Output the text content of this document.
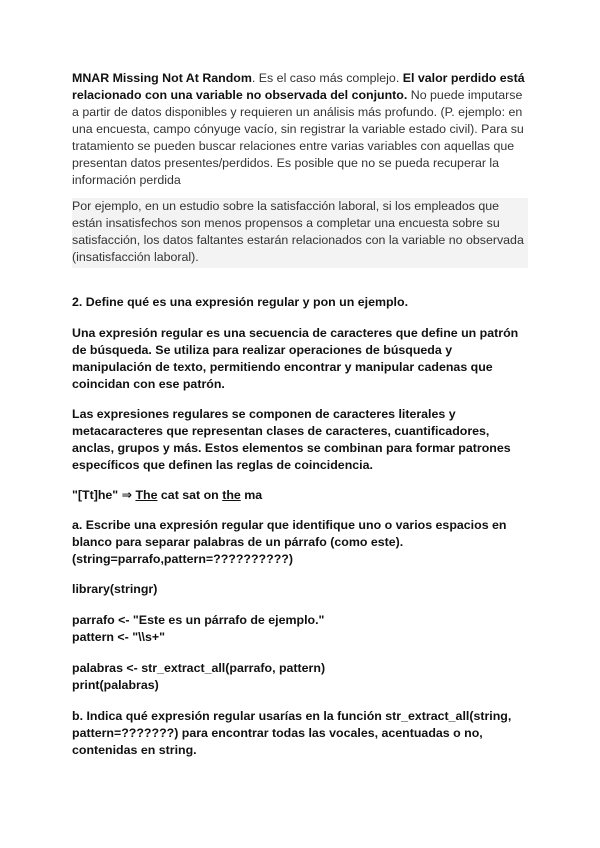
MNAR Missing Not At Random. Es el caso más complejo. El valor perdido está relacionado con una variable no observada del conjunto. No puede imputarse a partir de datos disponibles y requieren un análisis más profundo. (P. ejemplo: en una encuesta, campo cónyuge vacío, sin registrar la variable estado civil). Para su tratamiento se pueden buscar relaciones entre varias variables con aquellas que presentan datos presentes/perdidos. Es posible que no se pueda recuperar la información perdida

Por ejemplo, en un estudio sobre la satisfacción laboral, si los empleados que están insatisfechos son menos propensos a completar una encuesta sobre su satisfacción, los datos faltantes estarán relacionados con la variable no observada (insatisfacción laboral).

2. Define qué es una expresión regular y pon un ejemplo.
Una expresión regular es una secuencia de caracteres que define un patrón de búsqueda. Se utiliza para realizar operaciones de búsqueda y manipulación de texto, permitiendo encontrar y manipular cadenas que coincidan con ese patrón.
Las expresiones regulares se componen de caracteres literales y metacaracteres que representan clases de caracteres, cuantificadores, anclas, grupos y más. Estos elementos se combinan para formar patrones específicos que definen las reglas de coincidencia.
"[Tt]he" ⇒ The cat sat on the ma
a. Escribe una expresión regular que identifique uno o varios espacios en blanco para separar palabras de un párrafo (como este).(string=parrafo,pattern=??????????)
library(stringr)
parrafo <- "Este es un párrafo de ejemplo."
pattern <- "\\s+"
palabras <- str_extract_all(parrafo, pattern)
print(palabras)
b. Indica qué expresión regular usarías en la función str_extract_all(string, pattern=???????) para encontrar todas las vocales, acentuadas o no, contenidas en string.
